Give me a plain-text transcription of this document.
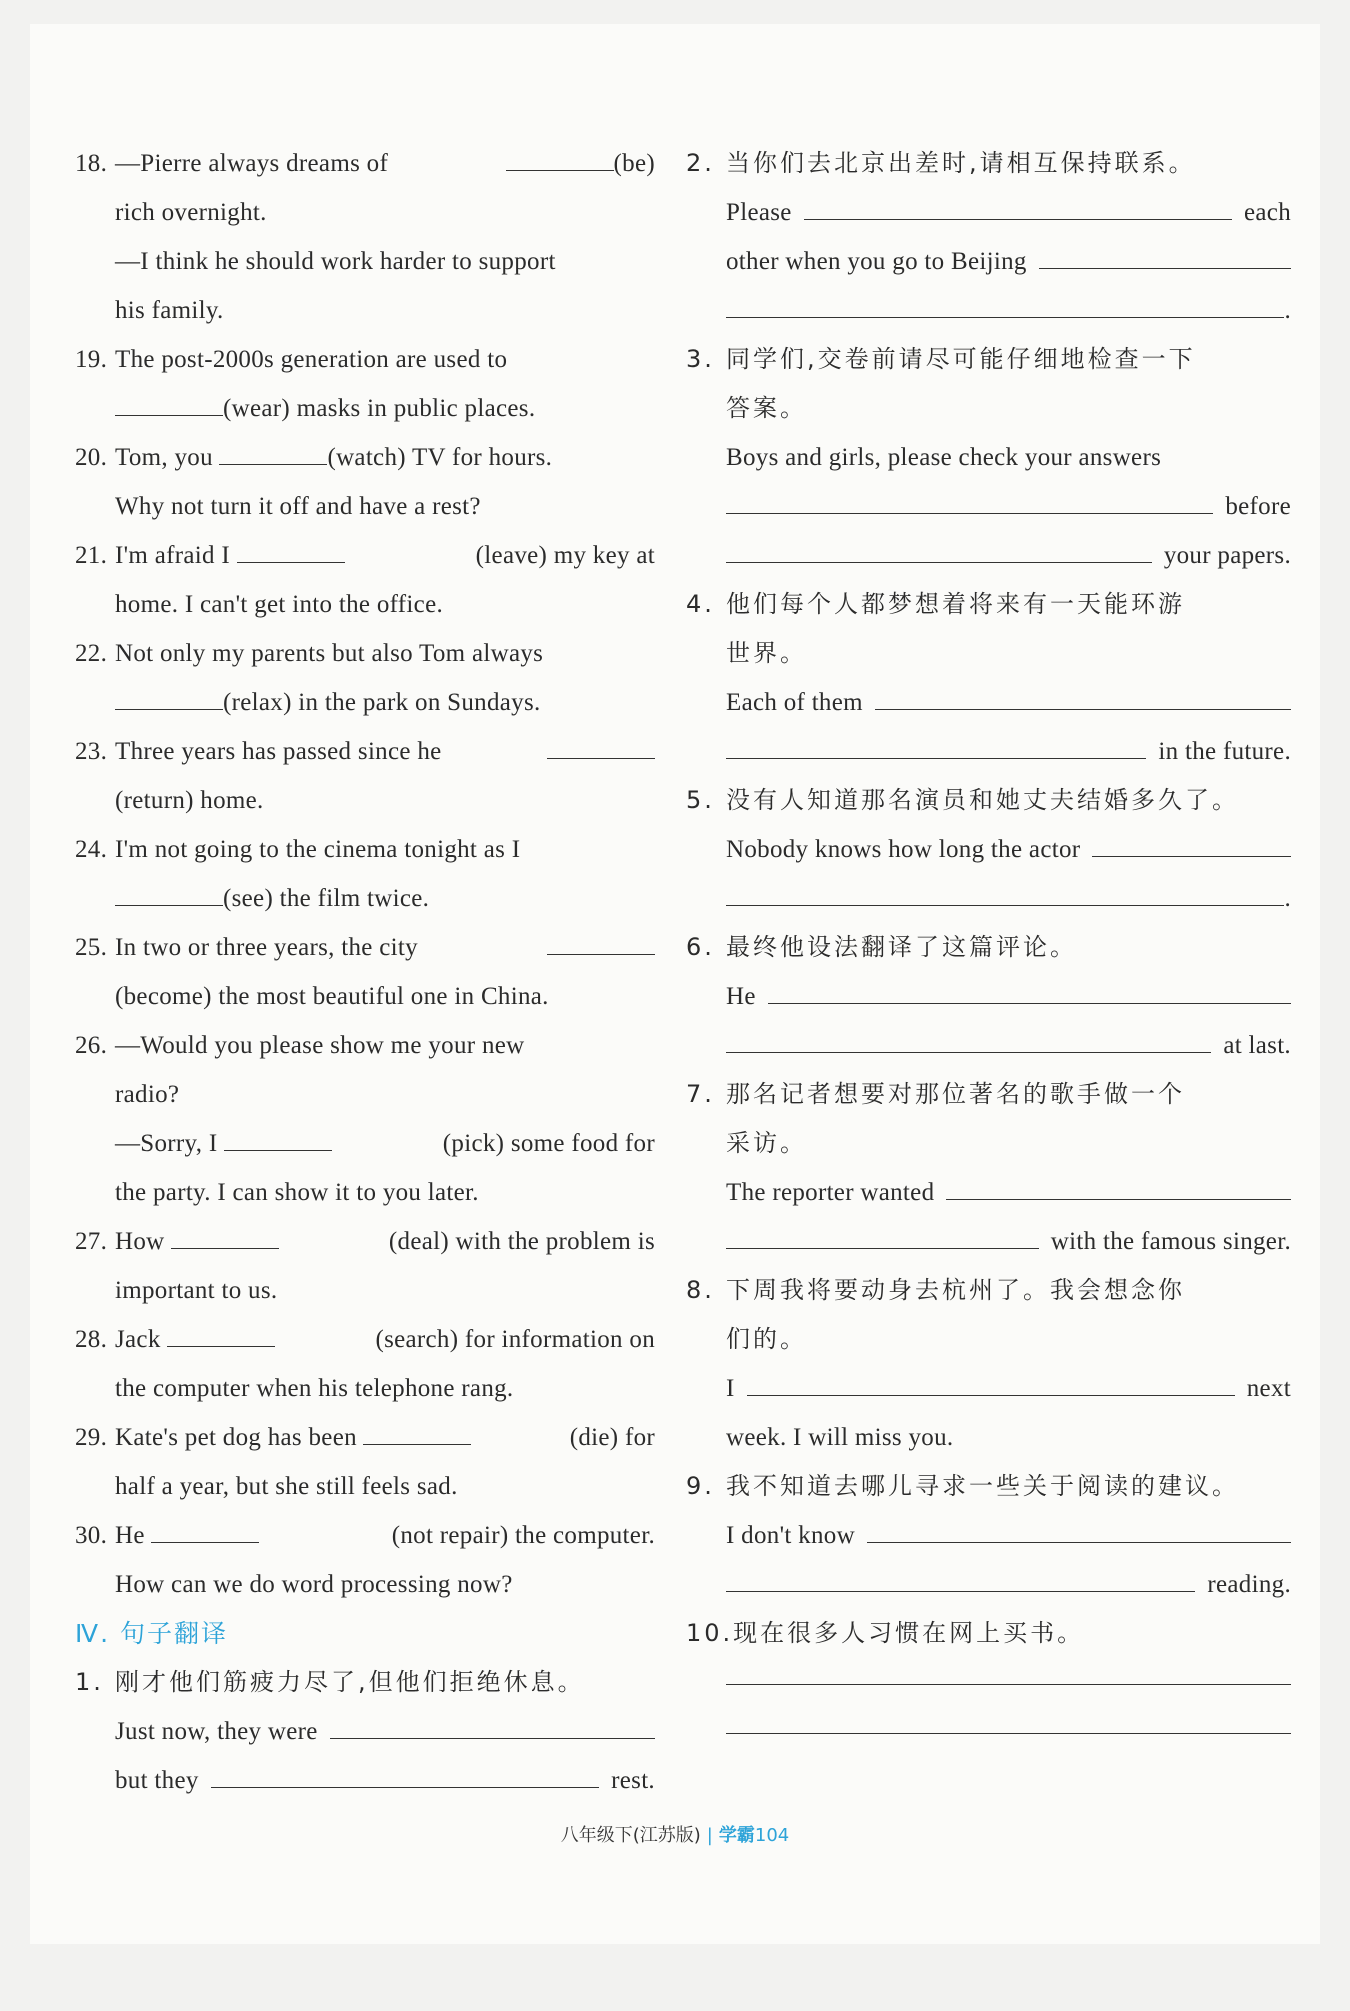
18. —Pierre always dreams of	(be)
rich overnight.
—I think he should work harder to support
his family.
19. The post-2000s generation are used to
(wear) masks in public places.
20. Tom, you	(watch) TV for hours.
Why not turn it off and have a rest?
21. I'm afraid I	(leave) my key at
home. I can't get into the office.
22. Not only my parents but also Tom always
(relax) in the park on Sundays.
23. Three years has passed since he
(return) home.
24. I'm not going to the cinema tonight as I
(see) the film twice.
25. In two or three years, the city
(become) the most beautiful one in China.
26. —Would you please show me your new
radio?
—Sorry, I	(pick) some food for
the party. I can show it to you later.
27. How	(deal) with the problem is
important to us.
28. Jack	(search) for information on
the computer when his telephone rang.
29. Kate's pet dog has been	(die) for
half a year, but she still feels sad.
30. He	(not repair) the computer.
How can we do word processing now?
Ⅳ. 句子翻译
1. 刚才他们筋疲力尽了,但他们拒绝休息。
Just now, they were
but they	rest.
2. 当你们去北京出差时,请相互保持联系。
Please	each
other when you go to Beijing
.
3. 同学们,交卷前请尽可能仔细地检查一下
答案。
Boys and girls, please check your answers
before
your papers.
4. 他们每个人都梦想着将来有一天能环游
世界。
Each of them
in the future.
5. 没有人知道那名演员和她丈夫结婚多久了。
Nobody knows how long the actor
.
6. 最终他设法翻译了这篇评论。
He
at last.
7. 那名记者想要对那位著名的歌手做一个
采访。
The reporter wanted
with the famous singer.
8. 下周我将要动身去杭州了。我会想念你
们的。
I	next
week. I will miss you.
9. 我不知道去哪儿寻求一些关于阅读的建议。
I don't know
reading.
10.现在很多人习惯在网上买书。
八年级下(江苏版) | 学霸104
